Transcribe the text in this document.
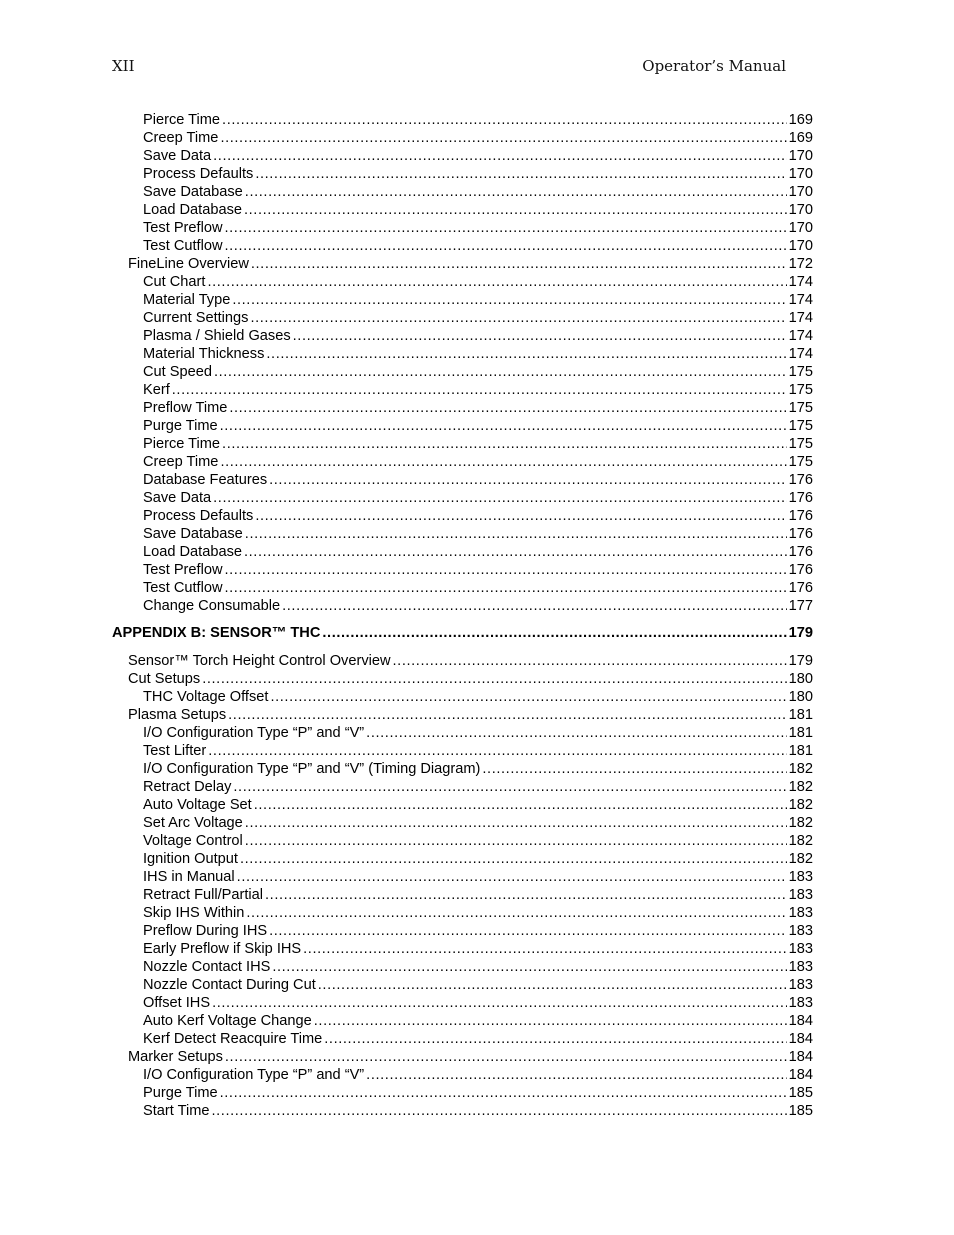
XII	Operator’s Manual
Pierce Time .....	169
Creep Time .....	169
Save Data .....	170
Process Defaults .....	170
Save Database .....	170
Load Database .....	170
Test Preflow .....	170
Test Cutflow .....	170
FineLine Overview .....	172
Cut Chart .....	174
Material Type .....	174
Current Settings .....	174
Plasma / Shield Gases .....	174
Material Thickness .....	174
Cut Speed .....	175
Kerf .....	175
Preflow Time .....	175
Purge Time .....	175
Pierce Time .....	175
Creep Time .....	175
Database Features .....	176
Save Data .....	176
Process Defaults .....	176
Save Database .....	176
Load Database .....	176
Test Preflow .....	176
Test Cutflow .....	176
Change Consumable .....	177
APPENDIX B: SENSOR™ THC .....	179
Sensor™ Torch Height Control Overview .....	179
Cut Setups .....	180
THC Voltage Offset .....	180
Plasma Setups .....	181
I/O Configuration Type “P” and “V” .....	181
Test Lifter .....	181
I/O Configuration Type “P” and “V” (Timing Diagram) .....	182
Retract Delay .....	182
Auto Voltage Set .....	182
Set Arc Voltage .....	182
Voltage Control .....	182
Ignition Output .....	182
IHS in Manual .....	183
Retract Full/Partial .....	183
Skip IHS Within .....	183
Preflow During IHS .....	183
Early Preflow if Skip IHS .....	183
Nozzle Contact IHS .....	183
Nozzle Contact During Cut .....	183
Offset IHS .....	183
Auto Kerf Voltage Change .....	184
Kerf Detect Reacquire Time .....	184
Marker Setups .....	184
I/O Configuration Type “P” and “V” .....	184
Purge Time .....	185
Start Time .....	185
